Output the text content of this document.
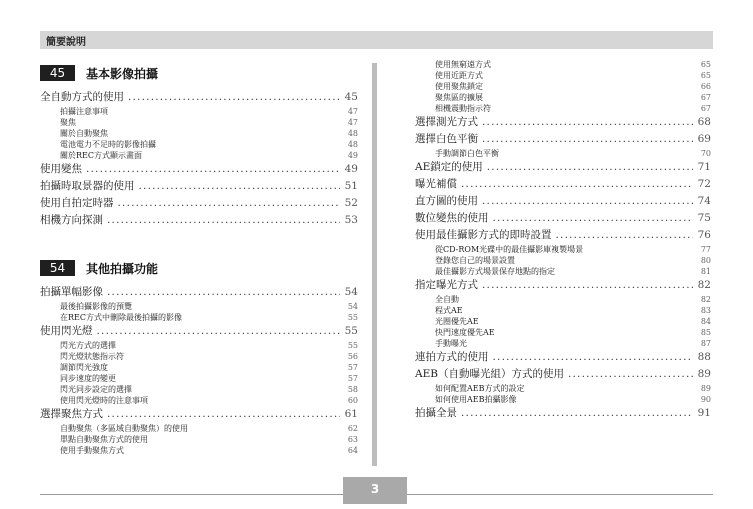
簡要說明
45	基本影像拍攝
全自動方式的使用 .....	45
拍攝注意事項	47
聚焦	47
關於自動聚焦	48
電池電力不足時的影像拍攝	48
關於REC方式顯示畫面	49
使用變焦 .....	49
拍攝時取景器的使用 .....	51
使用自拍定時器 .....	52
相機方向探測 .....	53
54	其他拍攝功能
拍攝單幅影像 .....	54
最後拍攝影像的預覽	54
在REC方式中刪除最後拍攝的影像	55
使用閃光燈 .....	55
閃光方式的選擇	55
閃光燈狀態指示符	56
調節閃光強度	57
同步速度的變更	57
閃光同步設定的選擇	58
使用閃光燈時的注意事項	60
選擇聚焦方式 .....	61
自動聚焦（多區域自動聚焦）的使用	62
單點自動聚焦方式的使用	63
使用手動聚焦方式	64
使用無窮遠方式	65
使用近距方式	65
使用聚焦鎖定	66
聚焦區的擴展	67
相機震動指示符	67
選擇測光方式 .....	68
選擇白色平衡 .....	69
手動調節白色平衡	70
AE鎖定的使用 .....	71
曝光補償 .....	72
直方圖的使用 .....	74
數位變焦的使用 .....	75
使用最佳攝影方式的即時設置 .....	76
從CD-ROM光碟中的最佳攝影庫複製場景	77
登錄您自己的場景設置	80
最佳攝影方式場景保存地點的指定	81
指定曝光方式 .....	82
全自動	82
程式AE	83
光圈優先AE	84
快門速度優先AE	85
手動曝光	87
連拍方式的使用 .....	88
AEB（自動曝光組）方式的使用 .....	89
如何配置AEB方式的設定	89
如何使用AEB拍攝影像	90
拍攝全景 .....	91
3
